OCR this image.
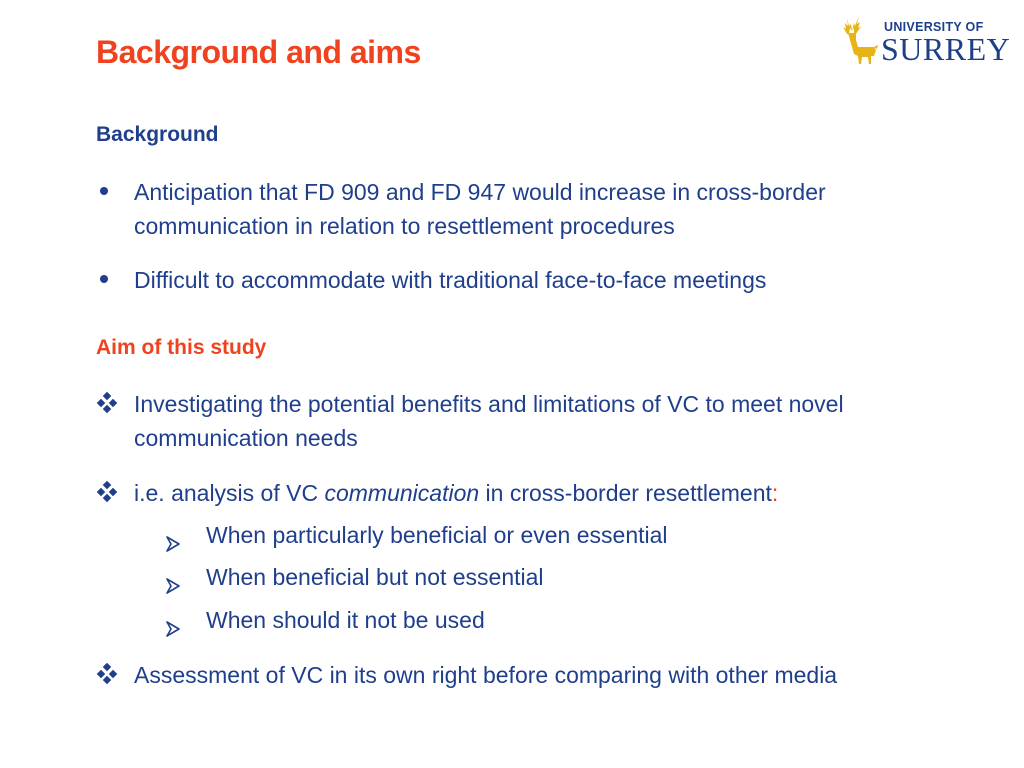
Background and aims
UNIVERSITY OF
SURREY
Background
Anticipation that FD 909 and FD 947 would increase in cross-border communication in relation to resettlement procedures
Difficult to accommodate with traditional face-to-face meetings
Aim of this study
Investigating the potential benefits and limitations of VC to meet novel communication needs
i.e. analysis of VC communication in cross-border resettlement:
When particularly beneficial or even essential
When beneficial but not essential
When should it not be used
Assessment of VC in its own right before comparing with other media
